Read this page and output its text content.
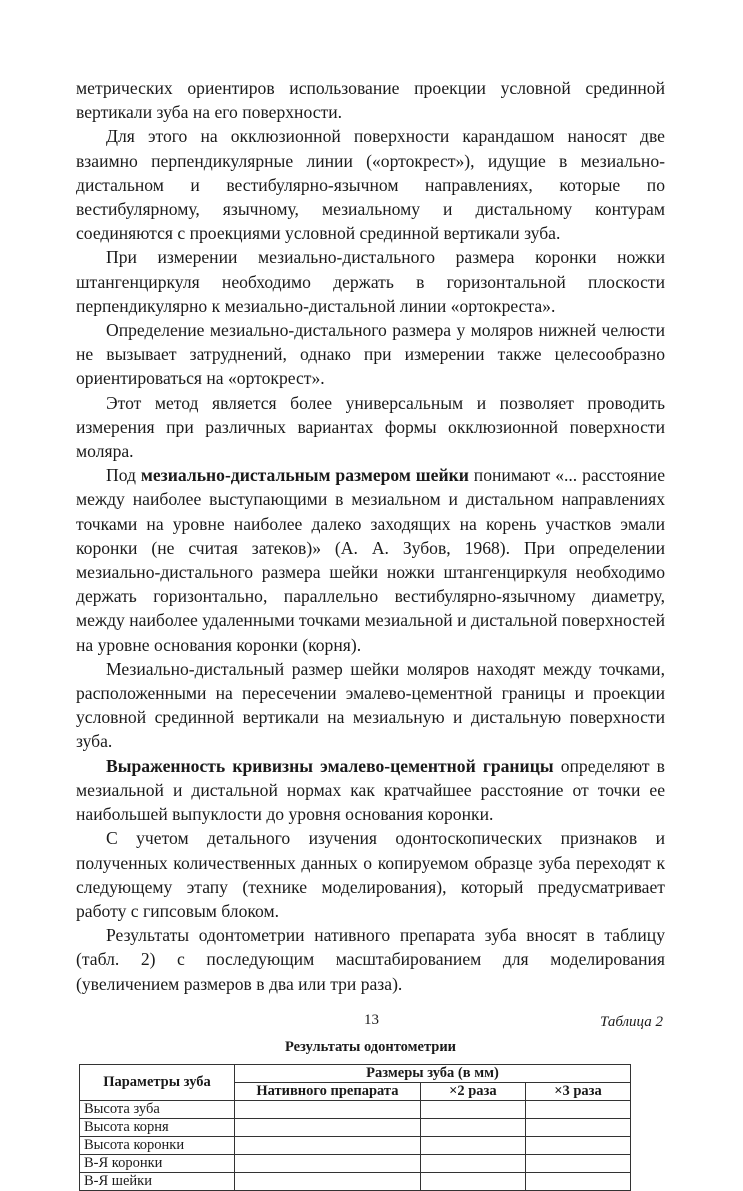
метрических ориентиров использование проекции условной срединной вертикали зуба на его поверхности.

Для этого на окклюзионной поверхности карандашом наносят две взаимно перпендикулярные линии («ортокрест»), идущие в мезиально-дистальном и вестибулярно-язычном направлениях, которые по вестибулярному, язычному, мезиальному и дистальному контурам соединяются с проекциями условной срединной вертикали зуба.

При измерении мезиально-дистального размера коронки ножки штангенциркуля необходимо держать в горизонтальной плоскости перпендикулярно к мезиально-дистальной линии «ортокреста».

Определение мезиально-дистального размера у моляров нижней челюсти не вызывает затруднений, однако при измерении также целесообразно ориентироваться на «ортокрест».

Этот метод является более универсальным и позволяет проводить измерения при различных вариантах формы окклюзионной поверхности моляра.

Под мезиально-дистальным размером шейки понимают «... расстояние между наиболее выступающими в мезиальном и дистальном направлениях точками на уровне наиболее далеко заходящих на корень участков эмали коронки (не считая затеков)» (А. А. Зубов, 1968). При определении мезиально-дистального размера шейки ножки штангенциркуля необходимо держать горизонтально, параллельно вестибулярно-язычному диаметру, между наиболее удаленными точками мезиальной и дистальной поверхностей на уровне основания коронки (корня).

Мезиально-дистальный размер шейки моляров находят между точками, расположенными на пересечении эмалево-цементной границы и проекции условной срединной вертикали на мезиальную и дистальную поверхности зуба.

Выраженность кривизны эмалево-цементной границы определяют в мезиальной и дистальной нормах как кратчайшее расстояние от точки ее наибольшей выпуклости до уровня основания коронки.

С учетом детального изучения одонтоскопических признаков и полученных количественных данных о копируемом образце зуба переходят к следующему этапу (технике моделирования), который предусматривает работу с гипсовым блоком.

Результаты одонтометрии нативного препарата зуба вносят в таблицу (табл. 2) с последующим масштабированием для моделирования (увеличением размеров в два или три раза).

Таблица 2
Результаты одонтометрии
Параметры зуба	Размеры зуба (в мм)		
	Нативного препарата	×2 раза	×3 раза
Высота зуба			
Высота корня			
Высота коронки			
В-Я коронки			
В-Я шейки			
13
